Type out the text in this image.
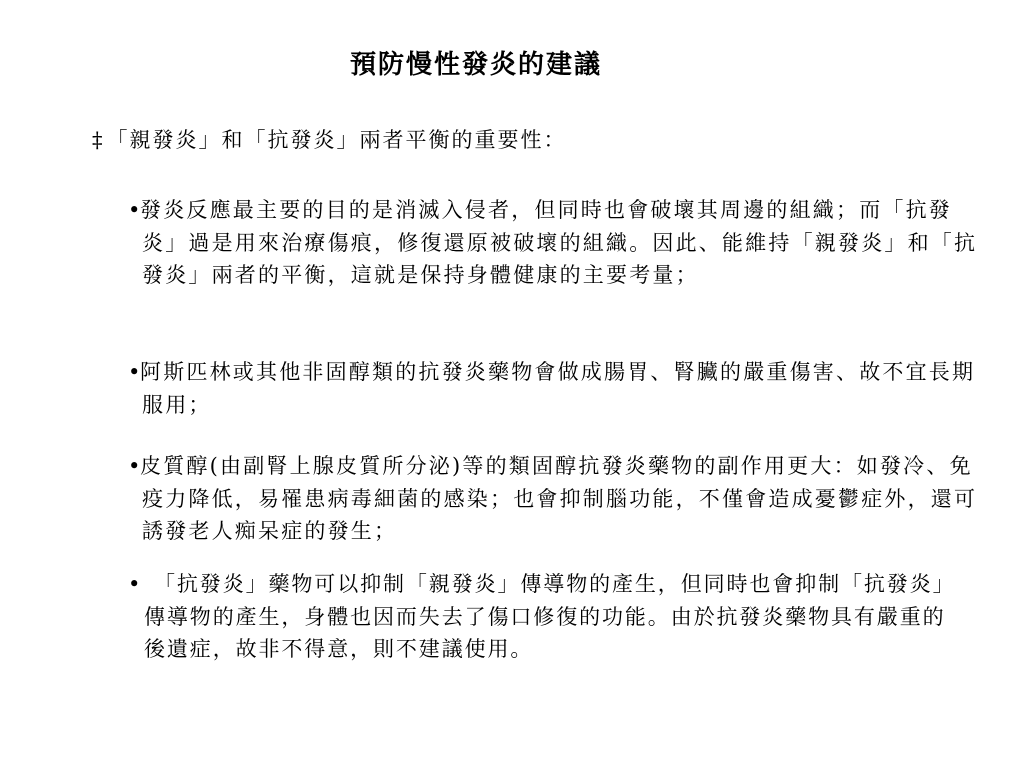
預防慢性發炎的建議
‡「親發炎」和「抗發炎」兩者平衡的重要性：
•發炎反應最主要的目的是消滅入侵者，但同時也會破壞其周邊的組織；而「抗發炎」過是用來治療傷痕，修復還原被破壞的組織。因此、能維持「親發炎」和「抗發炎」兩者的平衡，這就是保持身體健康的主要考量；
•阿斯匹林或其他非固醇類的抗發炎藥物會做成腸胃、腎臟的嚴重傷害、故不宜長期服用；
•皮質醇(由副腎上腺皮質所分泌)等的類固醇抗發炎藥物的副作用更大：如發冷、免疫力降低，易罹患病毒細菌的感染；也會抑制腦功能，不僅會造成憂鬱症外，還可誘發老人痴呆症的發生；
• 「抗發炎」藥物可以抑制「親發炎」傳導物的產生，但同時也會抑制「抗發炎」傳導物的產生，身體也因而失去了傷口修復的功能。由於抗發炎藥物具有嚴重的後遺症，故非不得意，則不建議使用。
